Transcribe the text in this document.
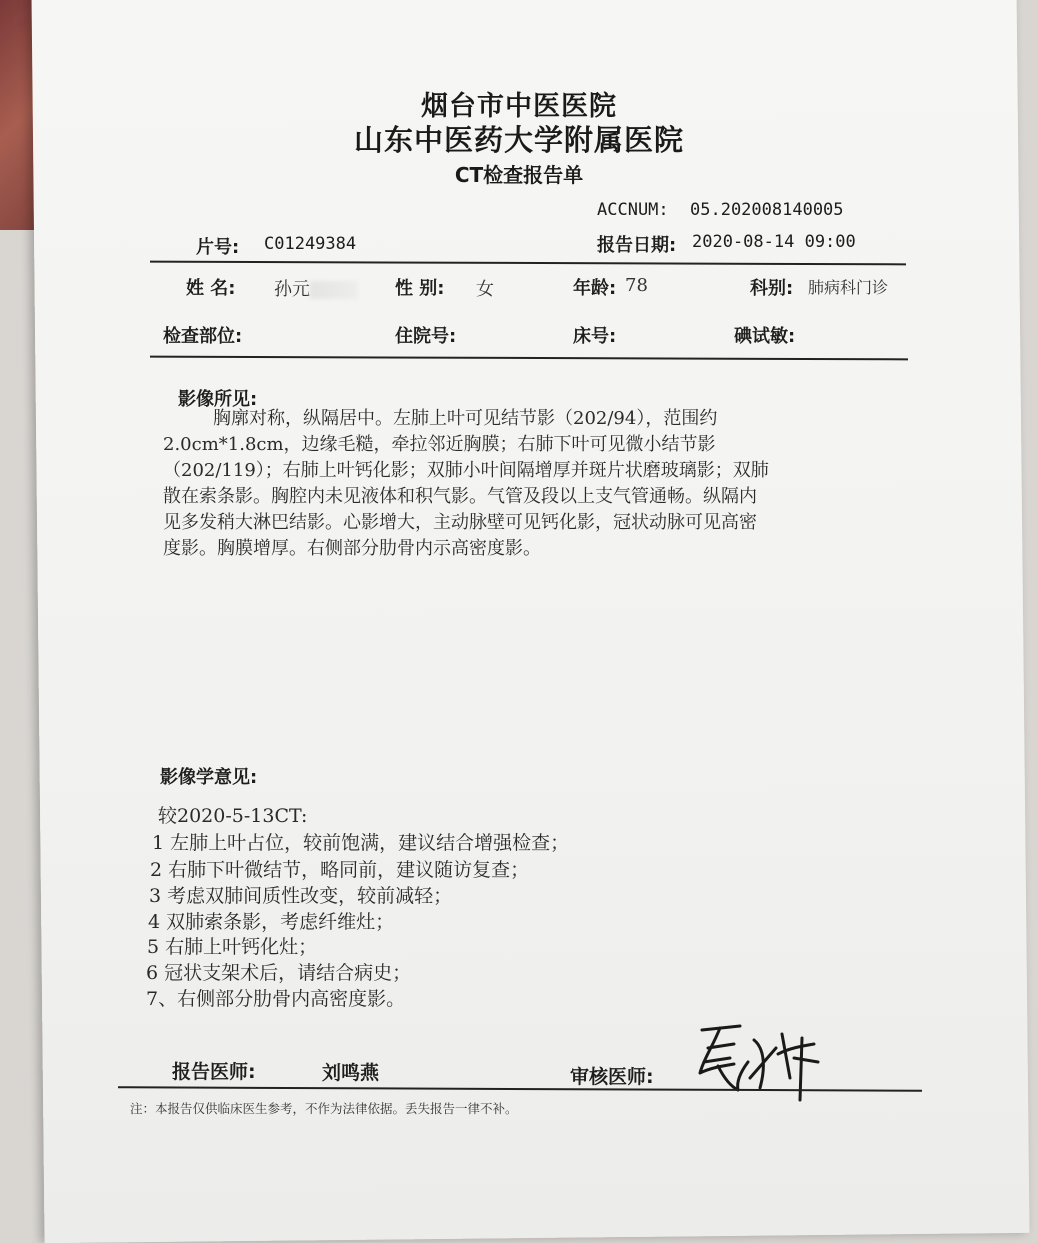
烟台市中医医院
山东中医药大学附属医院
CT检查报告单
ACCNUM: 05.202008140005
片号: C01249384	报告日期: 2020-08-14 09:00
姓 名: 孙元	性 别: 女	年龄: 78	科别: 肺病科门诊
检查部位:	住院号:	床号:	碘试敏:
影像所见:
胸廓对称，纵隔居中。左肺上叶可见结节影（202/94），范围约
2.0cm*1.8cm，边缘毛糙，牵拉邻近胸膜；右肺下叶可见微小结节影
（202/119）；右肺上叶钙化影；双肺小叶间隔增厚并斑片状磨玻璃影；双肺
散在索条影。胸腔内未见液体和积气影。气管及段以上支气管通畅。纵隔内
见多发稍大淋巴结影。心影增大，主动脉壁可见钙化影，冠状动脉可见高密
度影。胸膜增厚。右侧部分肋骨内示高密度影。
影像学意见:
较2020-5-13CT:
1 左肺上叶占位，较前饱满，建议结合增强检查；
2 右肺下叶微结节，略同前，建议随访复查；
3 考虑双肺间质性改变，较前减轻；
4 双肺索条影，考虑纤维灶；
5 右肺上叶钙化灶；
6 冠状支架术后，请结合病史；
7、右侧部分肋骨内高密度影。
报告医师:	刘鸣燕	审核医师:
注：本报告仅供临床医生参考，不作为法律依据。丢失报告一律不补。
